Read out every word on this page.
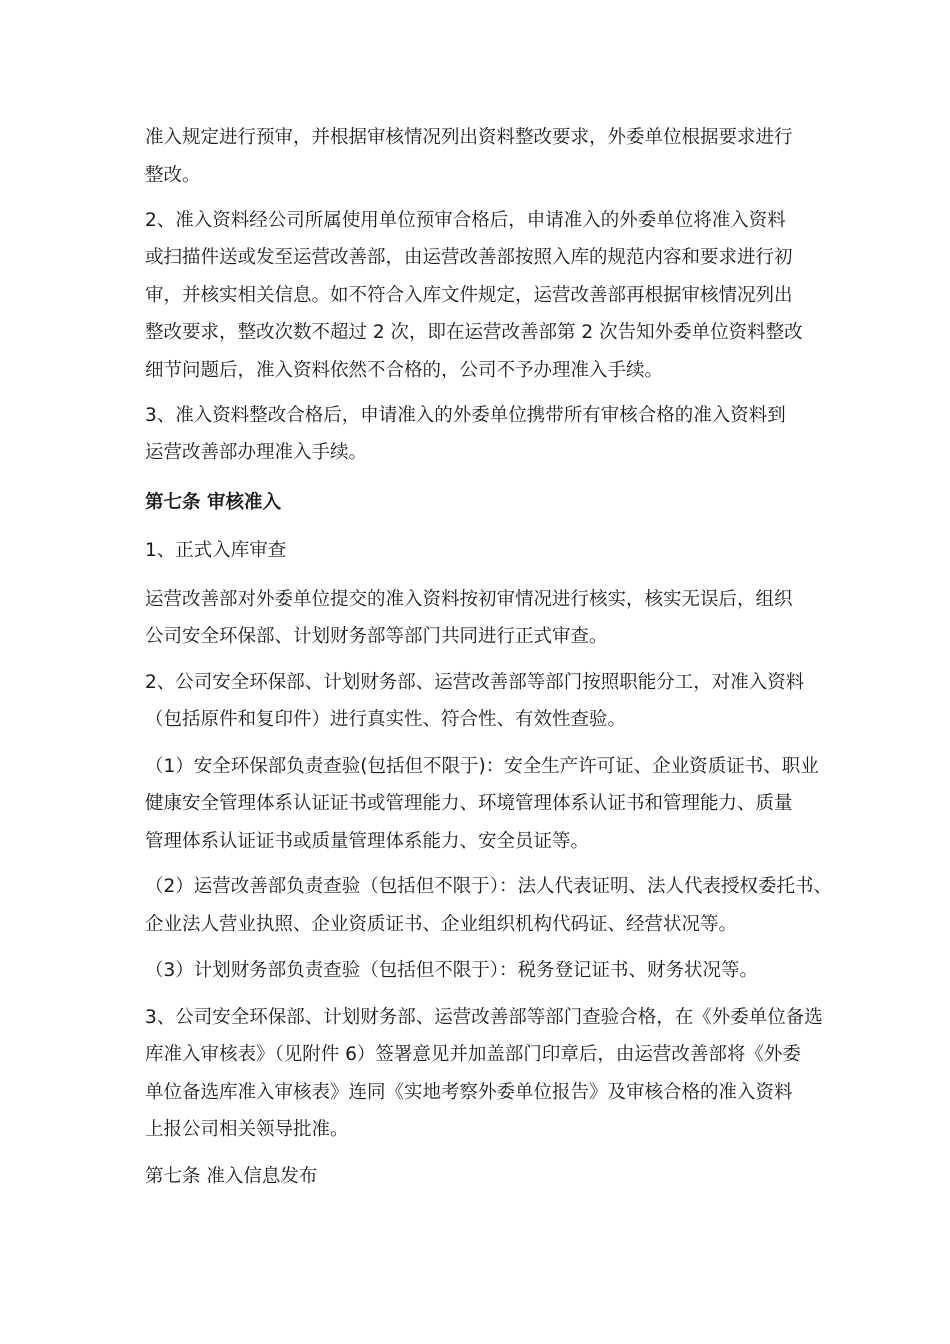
准入规定进行预审，并根据审核情况列出资料整改要求，外委单位根据要求进行
整改。
2、准入资料经公司所属使用单位预审合格后，申请准入的外委单位将准入资料
或扫描件送或发至运营改善部，由运营改善部按照入库的规范内容和要求进行初
审，并核实相关信息。如不符合入库文件规定，运营改善部再根据审核情况列出
整改要求，整改次数不超过 2 次，即在运营改善部第 2 次告知外委单位资料整改
细节问题后，准入资料依然不合格的，公司不予办理准入手续。
3、准入资料整改合格后，申请准入的外委单位携带所有审核合格的准入资料到
运营改善部办理准入手续。
第七条 审核准入
1、正式入库审查
运营改善部对外委单位提交的准入资料按初审情况进行核实，核实无误后，组织
公司安全环保部、计划财务部等部门共同进行正式审查。
2、公司安全环保部、计划财务部、运营改善部等部门按照职能分工，对准入资料
（包括原件和复印件）进行真实性、符合性、有效性查验。
（1）安全环保部负责查验(包括但不限于)：安全生产许可证、企业资质证书、职业
健康安全管理体系认证证书或管理能力、环境管理体系认证书和管理能力、质量
管理体系认证证书或质量管理体系能力、安全员证等。
（2）运营改善部负责查验（包括但不限于）：法人代表证明、法人代表授权委托书、
企业法人营业执照、企业资质证书、企业组织机构代码证、经营状况等。
（3）计划财务部负责查验（包括但不限于）：税务登记证书、财务状况等。
3、公司安全环保部、计划财务部、运营改善部等部门查验合格，在《外委单位备选
库准入审核表》（见附件 6）签署意见并加盖部门印章后，由运营改善部将《外委
单位备选库准入审核表》连同《实地考察外委单位报告》及审核合格的准入资料
上报公司相关领导批准。
第七条 准入信息发布
